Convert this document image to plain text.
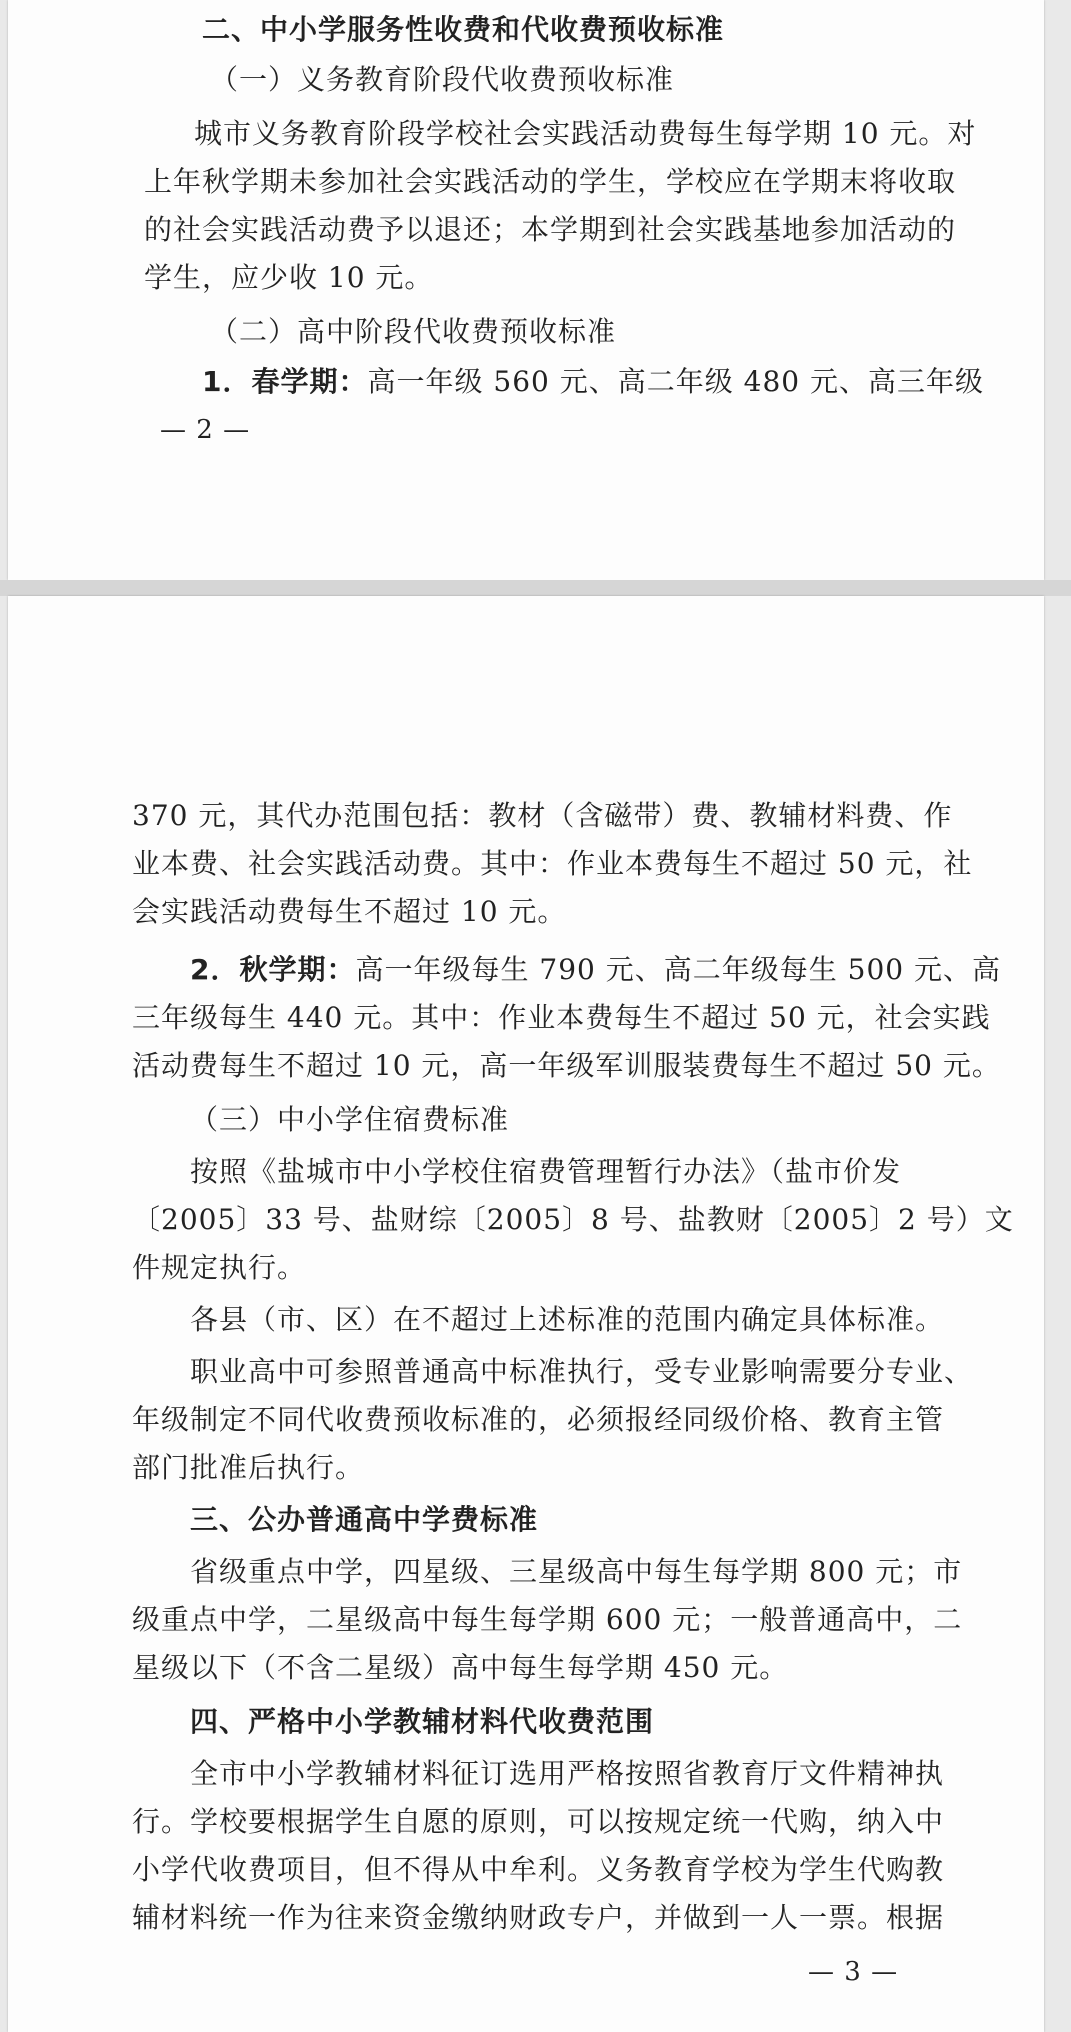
二、中小学服务性收费和代收费预收标准
（一）义务教育阶段代收费预收标准
城市义务教育阶段学校社会实践活动费每生每学期 10 元。对
上年秋学期未参加社会实践活动的学生，学校应在学期末将收取
的社会实践活动费予以退还；本学期到社会实践基地参加活动的
学生，应少收 10 元。
（二）高中阶段代收费预收标准
1．春学期：高一年级 560 元、高二年级 480 元、高三年级
— 2 —
370 元，其代办范围包括：教材（含磁带）费、教辅材料费、作
业本费、社会实践活动费。其中：作业本费每生不超过 50 元，社
会实践活动费每生不超过 10 元。
2．秋学期：高一年级每生 790 元、高二年级每生 500 元、高
三年级每生 440 元。其中：作业本费每生不超过 50 元，社会实践
活动费每生不超过 10 元，高一年级军训服装费每生不超过 50 元。
（三）中小学住宿费标准
按照《盐城市中小学校住宿费管理暂行办法》（盐市价发
〔2005〕33 号、盐财综〔2005〕8 号、盐教财〔2005〕2 号）文
件规定执行。
各县（市、区）在不超过上述标准的范围内确定具体标准。
职业高中可参照普通高中标准执行，受专业影响需要分专业、
年级制定不同代收费预收标准的，必须报经同级价格、教育主管
部门批准后执行。
三、公办普通高中学费标准
省级重点中学，四星级、三星级高中每生每学期 800 元；市
级重点中学，二星级高中每生每学期 600 元；一般普通高中，二
星级以下（不含二星级）高中每生每学期 450 元。
四、严格中小学教辅材料代收费范围
全市中小学教辅材料征订选用严格按照省教育厅文件精神执
行。学校要根据学生自愿的原则，可以按规定统一代购，纳入中
小学代收费项目，但不得从中牟利。义务教育学校为学生代购教
辅材料统一作为往来资金缴纳财政专户，并做到一人一票。根据
— 3 —
